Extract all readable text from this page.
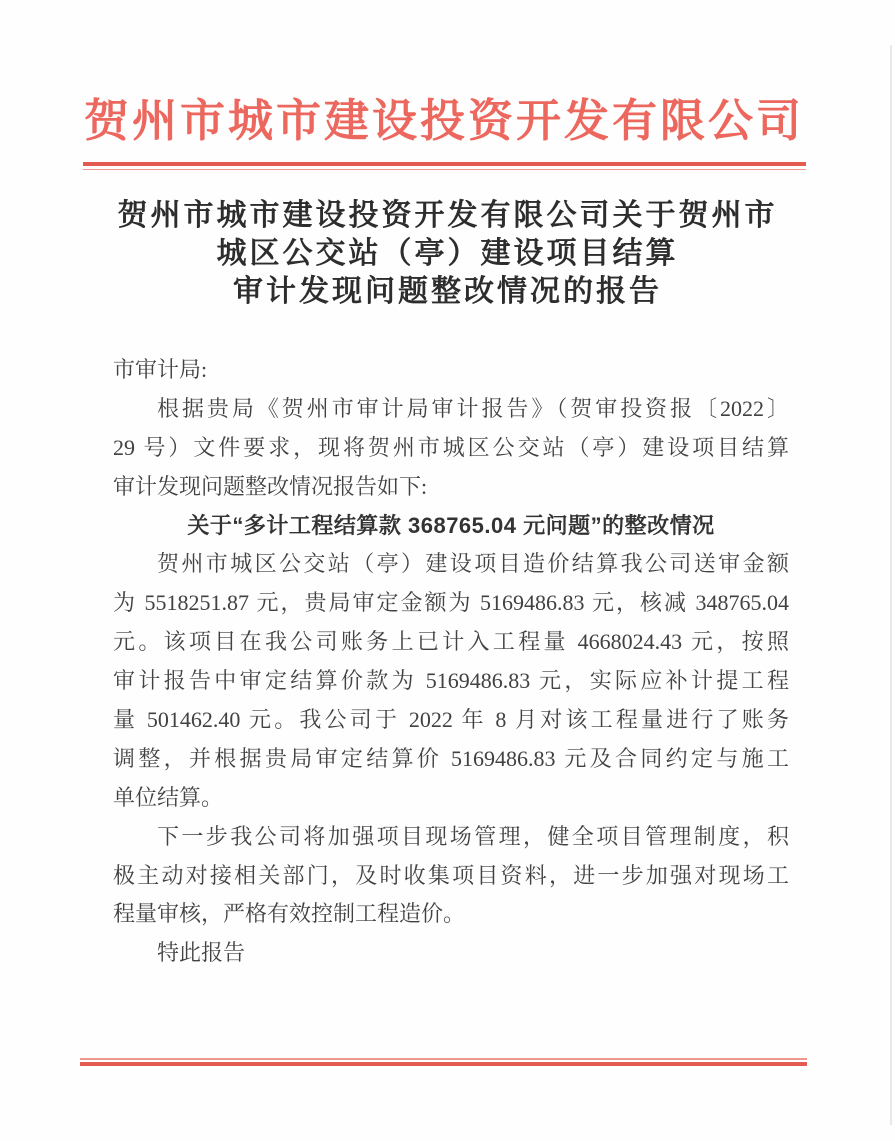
贺州市城市建设投资开发有限公司
贺州市城市建设投资开发有限公司关于贺州市
城区公交站（亭）建设项目结算
审计发现问题整改情况的报告
市审计局:
根据贵局《贺州市审计局审计报告》（贺审投资报〔2022〕
29 号）文件要求，现将贺州市城区公交站（亭）建设项目结算
审计发现问题整改情况报告如下:
关于“多计工程结算款 368765.04 元问题”的整改情况
贺州市城区公交站（亭）建设项目造价结算我公司送审金额
为 5518251.87 元，贵局审定金额为 5169486.83 元，核减 348765.04
元。该项目在我公司账务上已计入工程量 4668024.43 元，按照
审计报告中审定结算价款为 5169486.83 元，实际应补计提工程
量 501462.40 元。我公司于 2022 年 8 月对该工程量进行了账务
调整，并根据贵局审定结算价 5169486.83 元及合同约定与施工
单位结算。
下一步我公司将加强项目现场管理，健全项目管理制度，积
极主动对接相关部门，及时收集项目资料，进一步加强对现场工
程量审核，严格有效控制工程造价。
特此报告
